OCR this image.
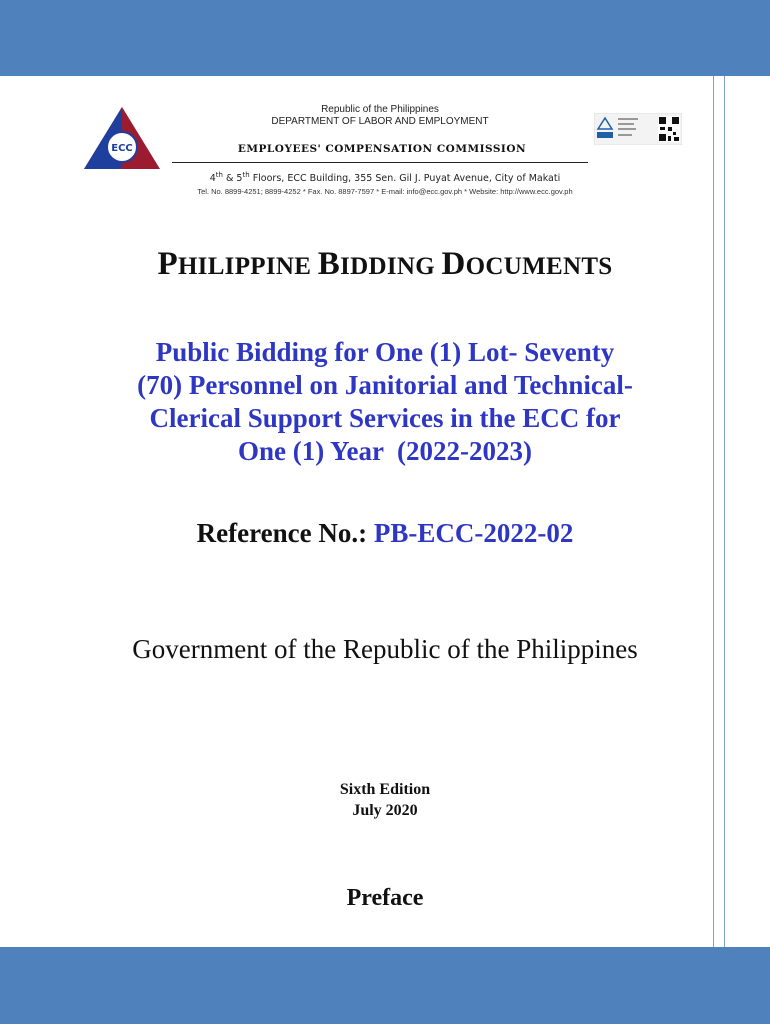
ECC
Republic of the Philippines
DEPARTMENT OF LABOR AND EMPLOYMENT
EMPLOYEES' COMPENSATION COMMISSION
4th & 5th Floors, ECC Building, 355 Sen. Gil J. Puyat Avenue, City of Makati
Tel. No. 8899-4251; 8899-4252 * Fax. No. 8897-7597 * E-mail: info@ecc.gov.ph * Website: http://www.ecc.gov.ph
PHILIPPINE BIDDING DOCUMENTS
Public Bidding for One (1) Lot- Seventy
(70) Personnel on Janitorial and Technical-
Clerical Support Services in the ECC for
One (1) Year  (2022-2023)
Reference No.: PB-ECC-2022-02
Government of the Republic of the Philippines
Sixth Edition
July 2020
Preface
